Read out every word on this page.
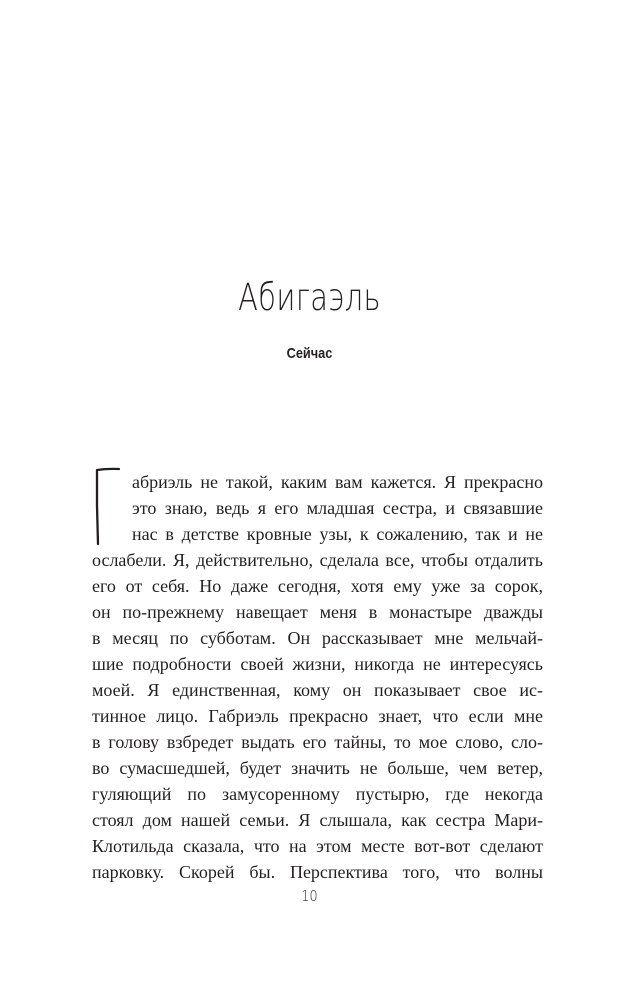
Абигаэль
Сейчас
абриэль не такой, каким вам кажется. Я прекрасно
это знаю, ведь я его младшая сестра, и связавшие
нас в детстве кровные узы, к сожалению, так и не
ослабели. Я, действительно, сделала все, чтобы отдалить
его от себя. Но даже сегодня, хотя ему уже за сорок,
он по-прежнему навещает меня в монастыре дважды
в месяц по субботам. Он рассказывает мне мельчай-
шие подробности своей жизни, никогда не интересуясь
моей. Я единственная, кому он показывает свое ис-
тинное лицо. Габриэль прекрасно знает, что если мне
в голову взбредет выдать его тайны, то мое слово, сло-
во сумасшедшей, будет значить не больше, чем ветер,
гуляющий по замусоренному пустырю, где некогда
стоял дом нашей семьи. Я слышала, как сестра Мари-
Клотильда сказала, что на этом месте вот-вот сделают
парковку. Скорей бы. Перспектива того, что волны
10
